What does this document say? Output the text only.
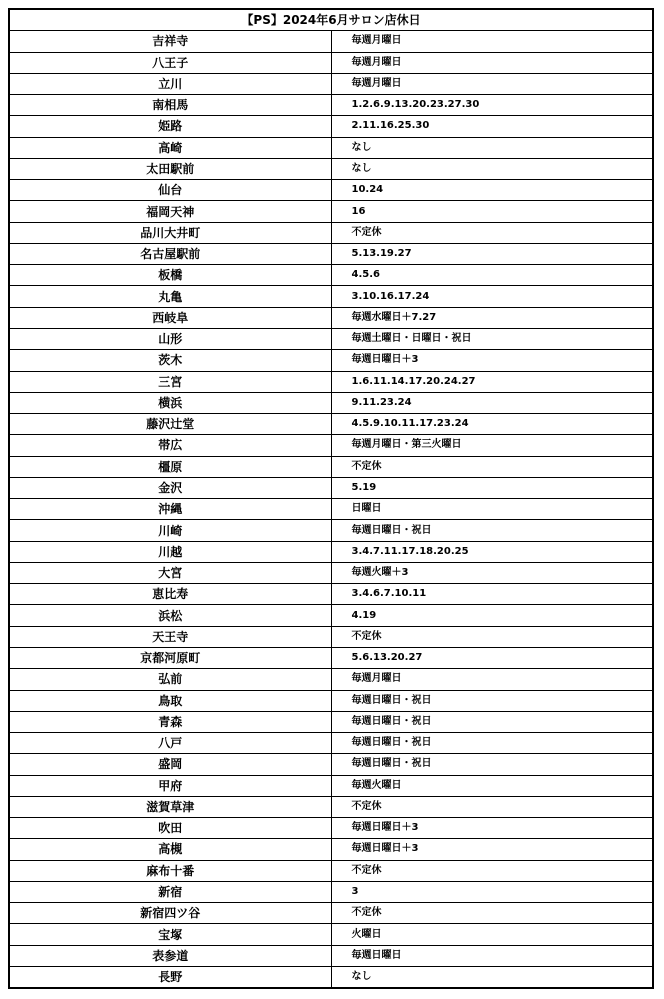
【PS】2024年6月サロン店休日	
吉祥寺	毎週月曜日
八王子	毎週月曜日
立川	毎週月曜日
南相馬	1.2.6.9.13.20.23.27.30
姫路	2.11.16.25.30
高崎	なし
太田駅前	なし
仙台	10.24
福岡天神	16
品川大井町	不定休
名古屋駅前	5.13.19.27
板橋	4.5.6
丸亀	3.10.16.17.24
西岐阜	毎週水曜日＋7.27
山形	毎週土曜日・日曜日・祝日
茨木	毎週日曜日＋3
三宮	1.6.11.14.17.20.24.27
横浜	9.11.23.24
藤沢辻堂	4.5.9.10.11.17.23.24
帯広	毎週月曜日・第三火曜日
橿原	不定休
金沢	5.19
沖縄	日曜日
川崎	毎週日曜日・祝日
川越	3.4.7.11.17.18.20.25
大宮	毎週火曜＋3
恵比寿	3.4.6.7.10.11
浜松	4.19
天王寺	不定休
京都河原町	5.6.13.20.27
弘前	毎週月曜日
鳥取	毎週日曜日・祝日
青森	毎週日曜日・祝日
八戸	毎週日曜日・祝日
盛岡	毎週日曜日・祝日
甲府	毎週火曜日
滋賀草津	不定休
吹田	毎週日曜日＋3
高槻	毎週日曜日＋3
麻布十番	不定休
新宿	3
新宿四ツ谷	不定休
宝塚	火曜日
表参道	毎週日曜日
長野	なし
